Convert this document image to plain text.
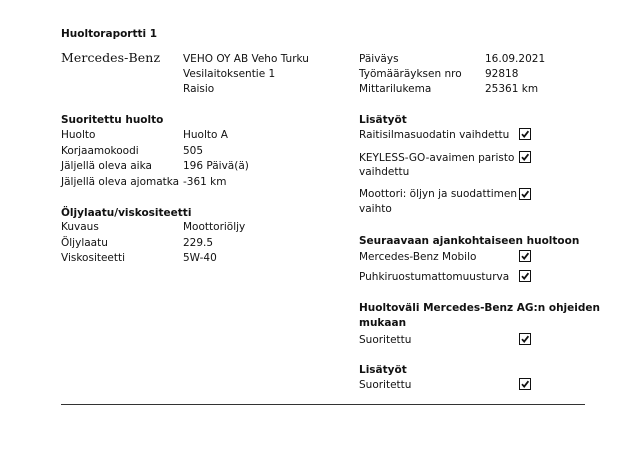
Huoltoraportti 1
Mercedes-Benz VEHO OY AB Veho Turku
Vesilaitoksentie 1
Raisio
Päiväys	16.09.2021
Työmääräyksen nro 92818
Mittarilukema	25361 km
Suoritettu huolto
Huolto	Huolto A
Korjaamokoodi	505
Jäljellä oleva aika	196 Päivä(ä)
Jäljellä oleva ajomatka -361 km
Öljylaatu/viskositeetti
Kuvaus	Moottoriöljy
Öljylaatu	229.5
Viskositeetti	5W-40
Lisätyöt
Raitisilmasuodatin vaihdettu
KEYLESS-GO-avaimen paristo
vaihdettu
Moottori: öljyn ja suodattimen
vaihto
Seuraavaan ajankohtaiseen huoltoon
Mercedes-Benz Mobilo
Puhkiruostumattomuusturva
Huoltoväli Mercedes-Benz AG:n ohjeiden
mukaan
Suoritettu
Lisätyöt
Suoritettu
